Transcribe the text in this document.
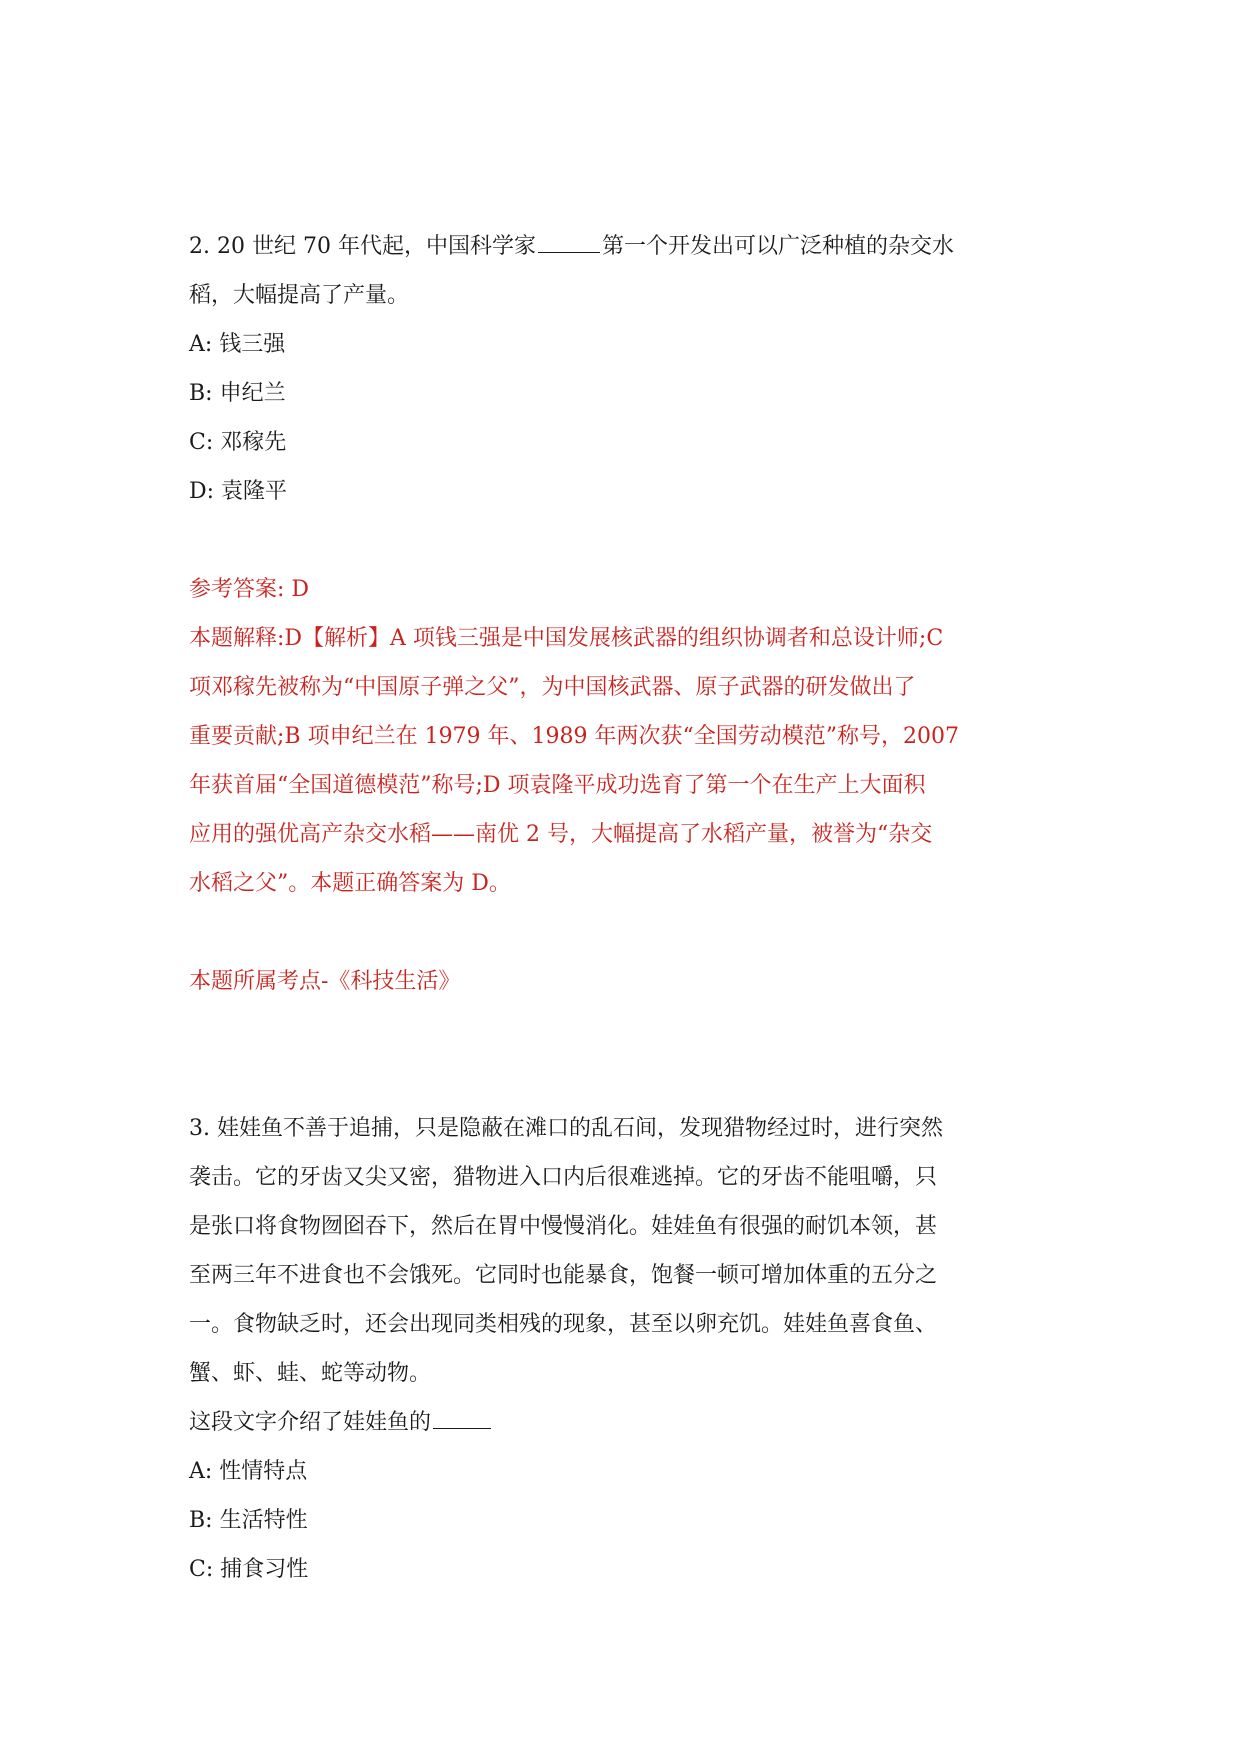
2. 20 世纪 70 年代起，中国科学家	第一个开发出可以广泛种植的杂交水
稻，大幅提高了产量。
A: 钱三强
B: 申纪兰
C: 邓稼先
D: 袁隆平
参考答案: D
本题解释:D【解析】A 项钱三强是中国发展核武器的组织协调者和总设计师;C
项邓稼先被称为“中国原子弹之父”，为中国核武器、原子武器的研发做出了
重要贡献;B 项申纪兰在 1979 年、1989 年两次获“全国劳动模范”称号，2007
年获首届“全国道德模范”称号;D 项袁隆平成功选育了第一个在生产上大面积
应用的强优高产杂交水稻——南优 2 号，大幅提高了水稻产量，被誉为“杂交
水稻之父”。本题正确答案为 D。
本题所属考点-《科技生活》
3. 娃娃鱼不善于追捕，只是隐蔽在滩口的乱石间，发现猎物经过时，进行突然
袭击。它的牙齿又尖又密，猎物进入口内后很难逃掉。它的牙齿不能咀嚼，只
是张口将食物囫囵吞下，然后在胃中慢慢消化。娃娃鱼有很强的耐饥本领，甚
至两三年不进食也不会饿死。它同时也能暴食，饱餐一顿可增加体重的五分之
一。食物缺乏时，还会出现同类相残的现象，甚至以卵充饥。娃娃鱼喜食鱼、
蟹、虾、蛙、蛇等动物。
这段文字介绍了娃娃鱼的
A: 性情特点
B: 生活特性
C: 捕食习性
